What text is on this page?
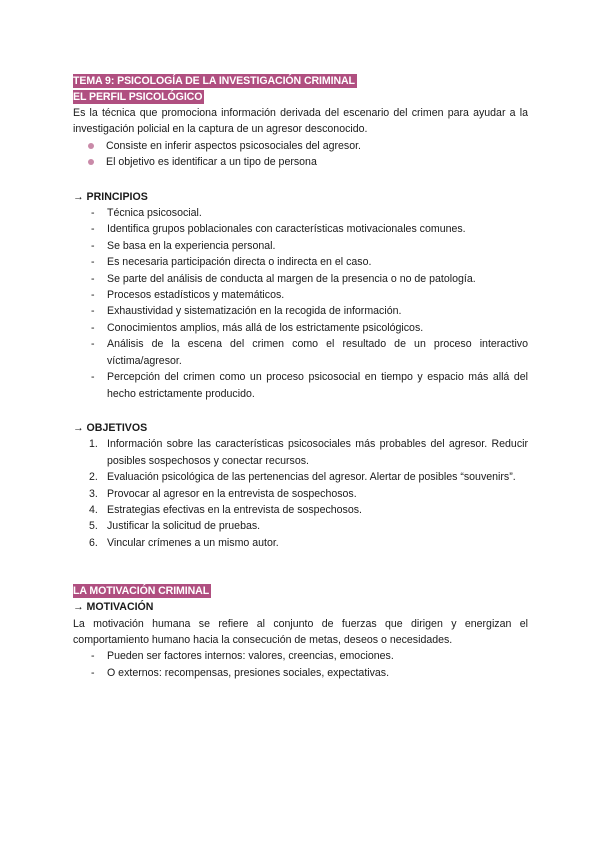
TEMA 9: PSICOLOGÍA DE LA INVESTIGACIÓN CRIMINAL
EL PERFIL PSICOLÓGICO

Es la técnica que promociona información derivada del escenario del crimen para ayudar a la investigación policial en la captura de un agresor desconocido.

Consiste en inferir aspectos psicosociales del agresor.
El objetivo es identificar a un tipo de persona
→ PRINCIPIOS
- Técnica psicosocial.
- Identifica grupos poblacionales con características motivacionales comunes.
- Se basa en la experiencia personal.
- Es necesaria participación directa o indirecta en el caso.
- Se parte del análisis de conducta al margen de la presencia o no de patología.
- Procesos estadísticos y matemáticos.
- Exhaustividad y sistematización en la recogida de información.
- Conocimientos amplios, más allá de los estrictamente psicológicos.
- Análisis de la escena del crimen como el resultado de un proceso interactivo víctima/agresor.
- Percepción del crimen como un proceso psicosocial en tiempo y espacio más allá del hecho estrictamente producido.
→ OBJETIVOS
1. Información sobre las características psicosociales más probables del agresor. Reducir posibles sospechosos y conectar recursos.
2. Evaluación psicológica de las pertenencias del agresor. Alertar de posibles “souvenirs”.
3. Provocar al agresor en la entrevista de sospechosos.
4. Estrategias efectivas en la entrevista de sospechosos.
5. Justificar la solicitud de pruebas.
6. Vincular crímenes a un mismo autor.
LA MOTIVACIÓN CRIMINAL
→ MOTIVACIÓN

La motivación humana se refiere al conjunto de fuerzas que dirigen y energizan el comportamiento humano hacia la consecución de metas, deseos o necesidades.

- Pueden ser factores internos: valores, creencias, emociones.
- O externos: recompensas, presiones sociales, expectativas.
